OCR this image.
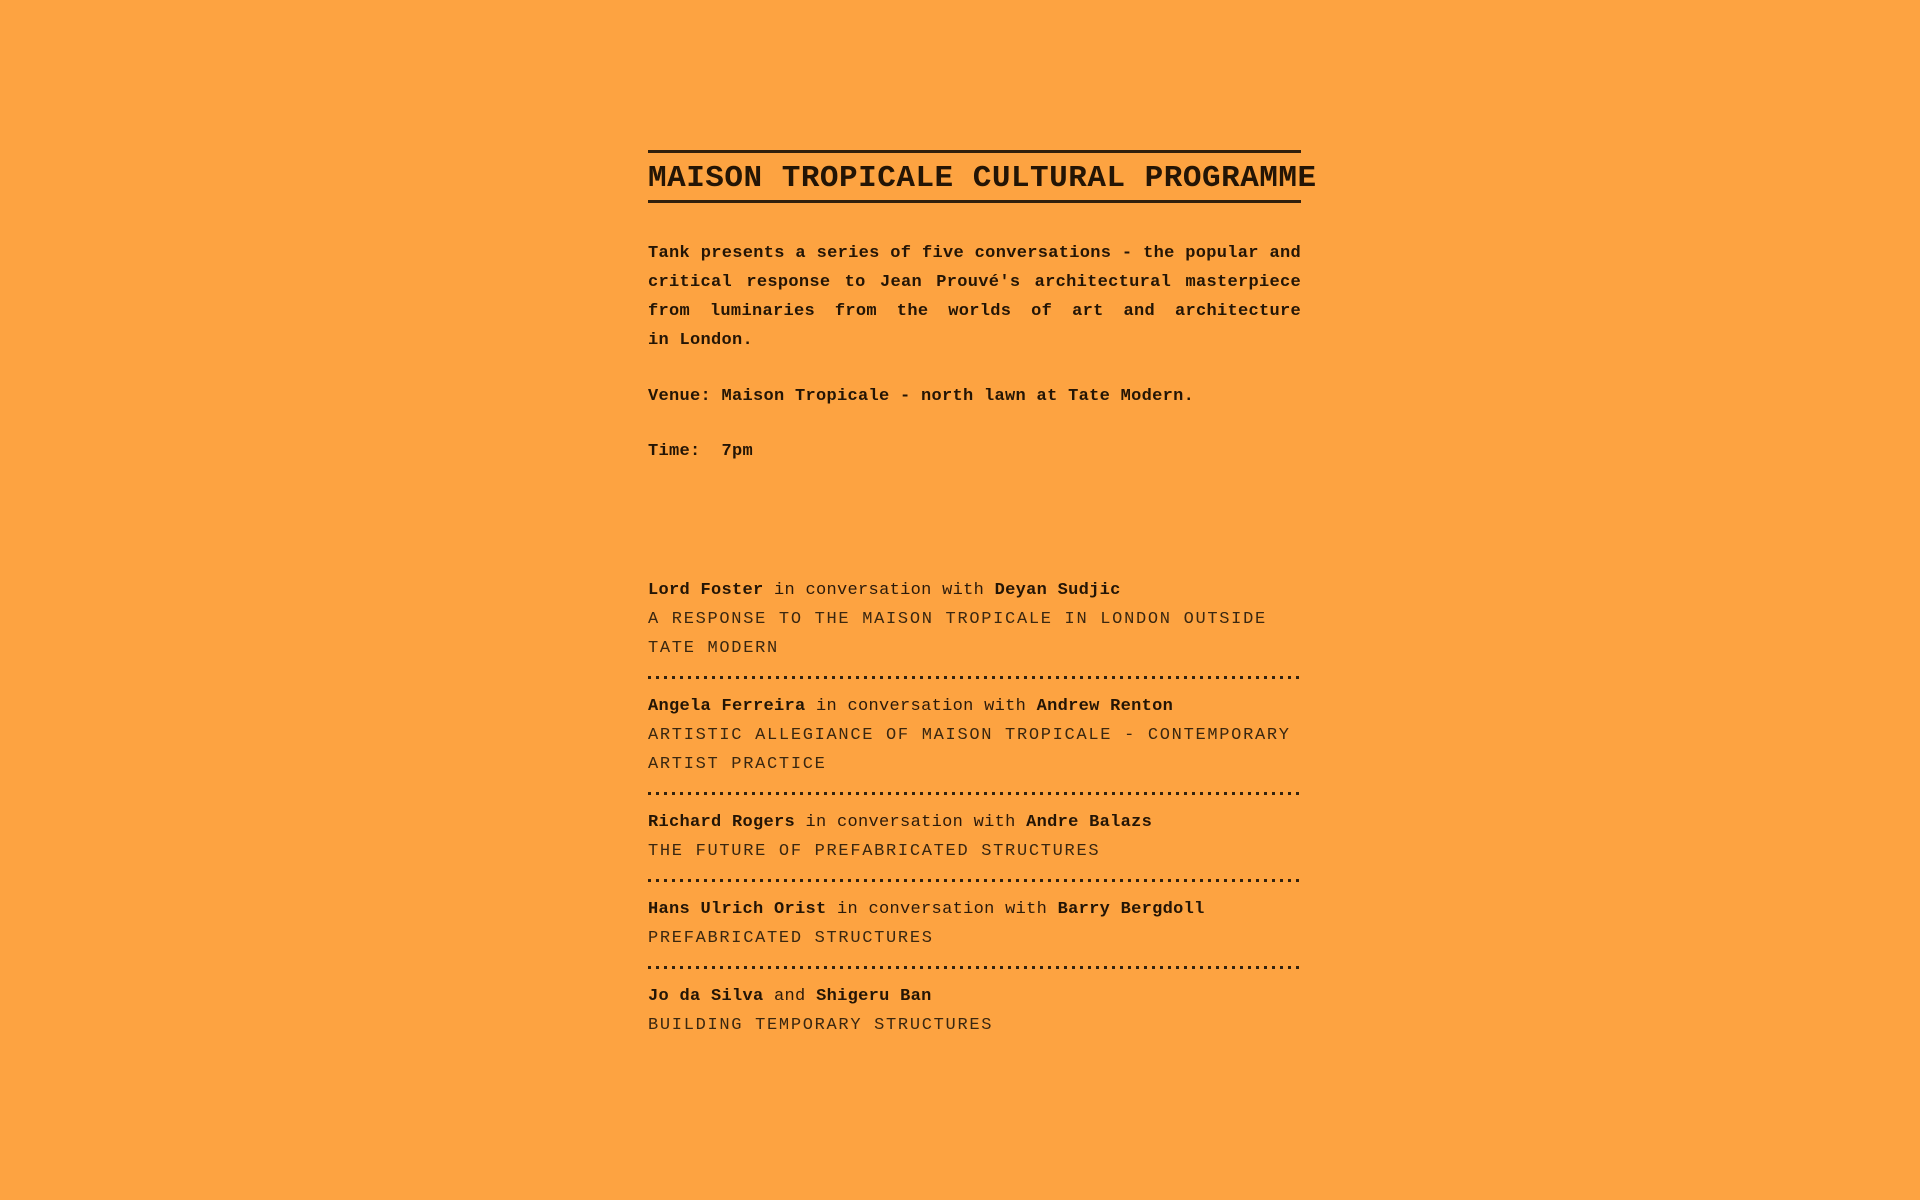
MAISON TROPICALE CULTURAL PROGRAMME
Tank presents a series of five conversations - the popular and
critical response to Jean Prouvé's architectural masterpiece
from luminaries from the worlds of art and architecture
in London.
Venue: Maison Tropicale - north lawn at Tate Modern.
Time:  7pm
Lord Foster in conversation with Deyan Sudjic
A RESPONSE TO THE MAISON TROPICALE IN LONDON OUTSIDE
TATE MODERN
Angela Ferreira in conversation with Andrew Renton
ARTISTIC ALLEGIANCE OF MAISON TROPICALE - CONTEMPORARY
ARTIST PRACTICE
Richard Rogers in conversation with Andre Balazs
THE FUTURE OF PREFABRICATED STRUCTURES
Hans Ulrich Orist in conversation with Barry Bergdoll
PREFABRICATED STRUCTURES
Jo da Silva and Shigeru Ban
BUILDING TEMPORARY STRUCTURES
